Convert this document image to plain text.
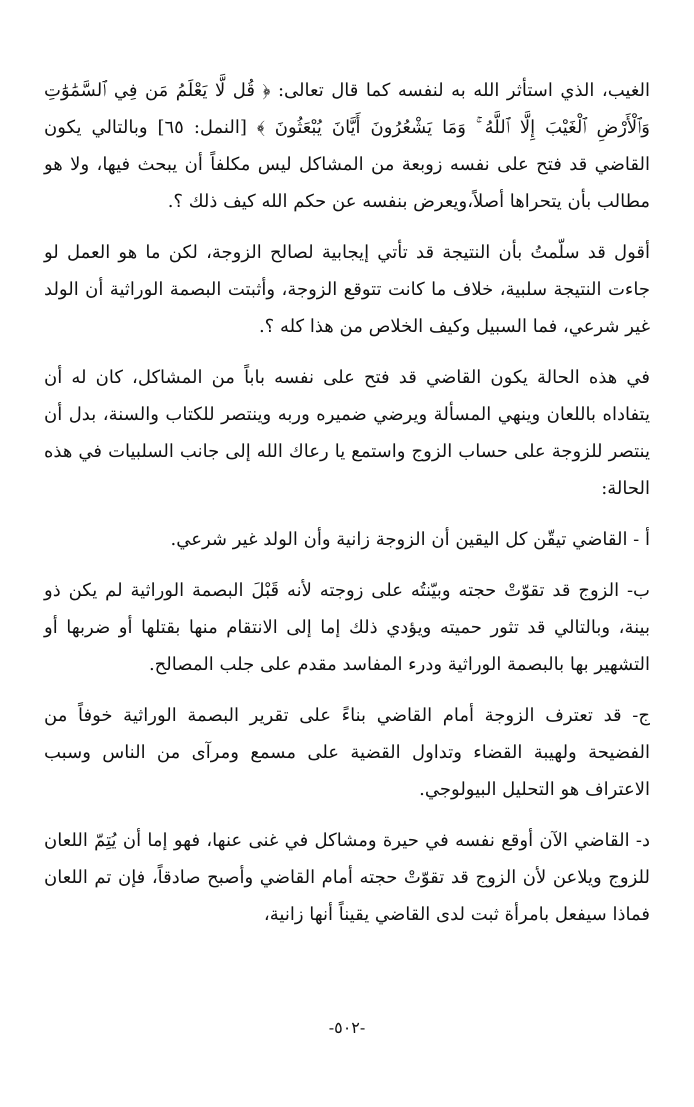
الغيب، الذي استأثر الله به لنفسه كما قال تعالى: ﴿ قُل لَّا يَعْلَمُ مَن فِي ٱلسَّمَٰوَٰتِ وَٱلْأَرْضِ ٱلْغَيْبَ إِلَّا ٱللَّهُ ۚ وَمَا يَشْعُرُونَ أَيَّانَ يُبْعَثُونَ ﴾ [النمل: ٦٥] وبالتالي يكون القاضي قد فتح على نفسه زوبعة من المشاكل ليس مكلفاً أن يبحث فيها، ولا هو مطالب بأن يتحراها أصلاً،ويعرض بنفسه عن حكم الله كيف ذلك ؟.

أقول قد سلّمتُ بأن النتيجة قد تأتي إيجابية لصالح الزوجة، لكن ما هو العمل لو جاءت النتيجة سلبية، خلاف ما كانت تتوقع الزوجة، وأثبتت البصمة الوراثية أن الولد غير شرعي، فما السبيل وكيف الخلاص من هذا كله ؟.

في هذه الحالة يكون القاضي قد فتح على نفسه باباً من المشاكل، كان له أن يتفاداه باللعان وينهي المسألة ويرضي ضميره وربه وينتصر للكتاب والسنة، بدل أن ينتصر للزوجة على حساب الزوج واستمع يا رعاك الله إلى جانب السلبيات في هذه الحالة:

أ - القاضي تيقّن كل اليقين أن الزوجة زانية وأن الولد غير شرعي.

ب- الزوج قد تقوّتْ حجته وبيّنتُه على زوجته لأنه قَبْلَ البصمة الوراثية لم يكن ذو بينة، وبالتالي قد تثور حميته ويؤدي ذلك إما إلى الانتقام منها بقتلها أو ضربها أو التشهير بها بالبصمة الوراثية ودرء المفاسد مقدم على جلب المصالح.

ج- قد تعترف الزوجة أمام القاضي بناءً على تقرير البصمة الوراثية خوفاً من الفضيحة ولهيبة القضاء وتداول القضية على مسمع ومرآى من الناس وسبب الاعتراف هو التحليل البيولوجي.

د- القاضي الآن أوقع نفسه في حيرة ومشاكل في غنى عنها، فهو إما أن يُتِمّ اللعان للزوج ويلاعن لأن الزوج قد تقوّتْ حجته أمام القاضي وأصبح صادقاً، فإن تم اللعان فماذا سيفعل بامرأة ثبت لدى القاضي يقيناً أنها زانية،

-٥٠٢-
